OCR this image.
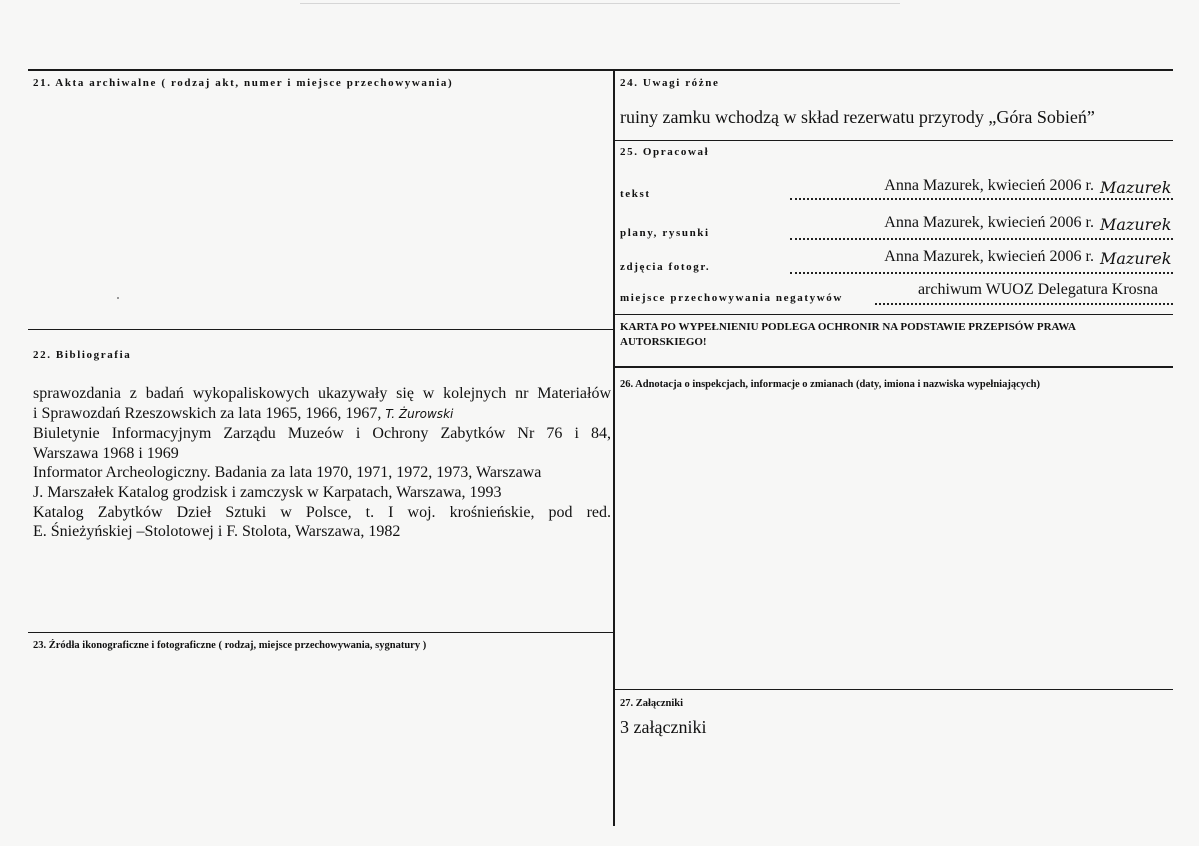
21. Akta archiwalne ( rodzaj akt, numer i miejsce przechowywania)
22. Bibliografia
sprawozdania z badań wykopaliskowych ukazywały się w kolejnych nr Materiałów
i Sprawozdań Rzeszowskich za lata 1965, 1966, 1967, T. Żurowski
Biuletynie Informacyjnym Zarządu Muzeów i Ochrony Zabytków Nr 76 i 84,
Warszawa 1968 i 1969
Informator Archeologiczny. Badania za lata 1970, 1971, 1972, 1973, Warszawa
J. Marszałek Katalog grodzisk i zamczysk w Karpatach, Warszawa, 1993
Katalog Zabytków Dzieł Sztuki w Polsce, t. I woj. krośnieńskie, pod red.
E. Śnieżyńskiej –Stolotowej i F. Stolota, Warszawa, 1982
23. Źródła ikonograficzne i fotograficzne ( rodzaj, miejsce przechowywania, sygnatury )
24. Uwagi różne
ruiny zamku wchodzą w skład rezerwatu przyrody „Góra Sobień”
25. Opracował
tekst	Anna Mazurek, kwiecień 2006 r. Mazurek
plany, rysunki
Anna Mazurek, kwiecień 2006 r. Mazurek
zdjęcia fotogr.
Anna Mazurek, kwiecień 2006 r. Mazurek
miejsce przechowywania negatywów	archiwum WUOZ Delegatura Krosna
KARTA PO WYPEŁNIENIU PODLEGA OCHRONIR NA PODSTAWIE PRZEPISÓW PRAWA AUTORSKIEGO!
26. Adnotacja o inspekcjach, informacje o zmianach (daty, imiona i nazwiska wypełniających)
27. Załączniki
3 załączniki
